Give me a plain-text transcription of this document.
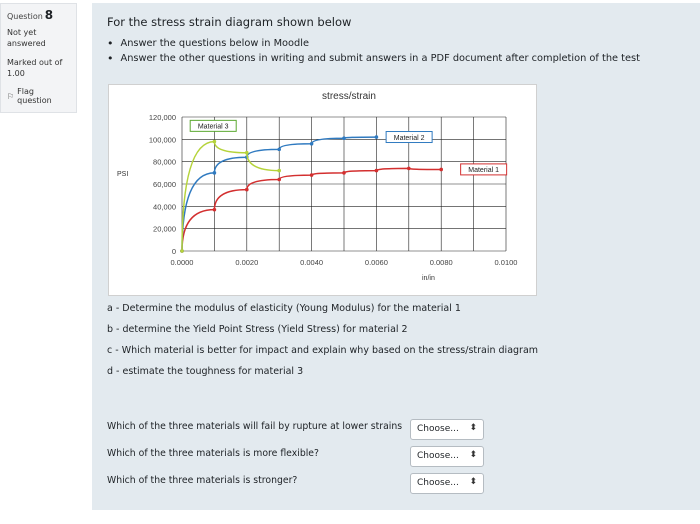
Question 8
Not yet
answered
Marked out of
1.00
⚐ Flag question
For the stress strain diagram shown below
• Answer the questions below in Moodle
• Answer the other questions in writing and submit answers in a PDF document after completion of the test
stress/strain
0
20,000
40,000
60,000
80,000
100,000
120,000
0.0000	0.0020	0.0040	0.0060	0.0080	0.0100
PSI
in/in
Material 3
Material 2
Material 1
a - Determine the modulus of elasticity (Young Modulus) for the material 1
b - determine the Yield Point Stress (Yield Stress) for material 2
c - Which material is better for impact and explain why based on the stress/strain diagram
d - estimate the toughness for material 3
Which of the three materials will fail by rupture at lower strains	Choose... ⬍
Which of the three materials is more flexible?	Choose... ⬍
Which of the three materials is stronger?	Choose... ⬍
